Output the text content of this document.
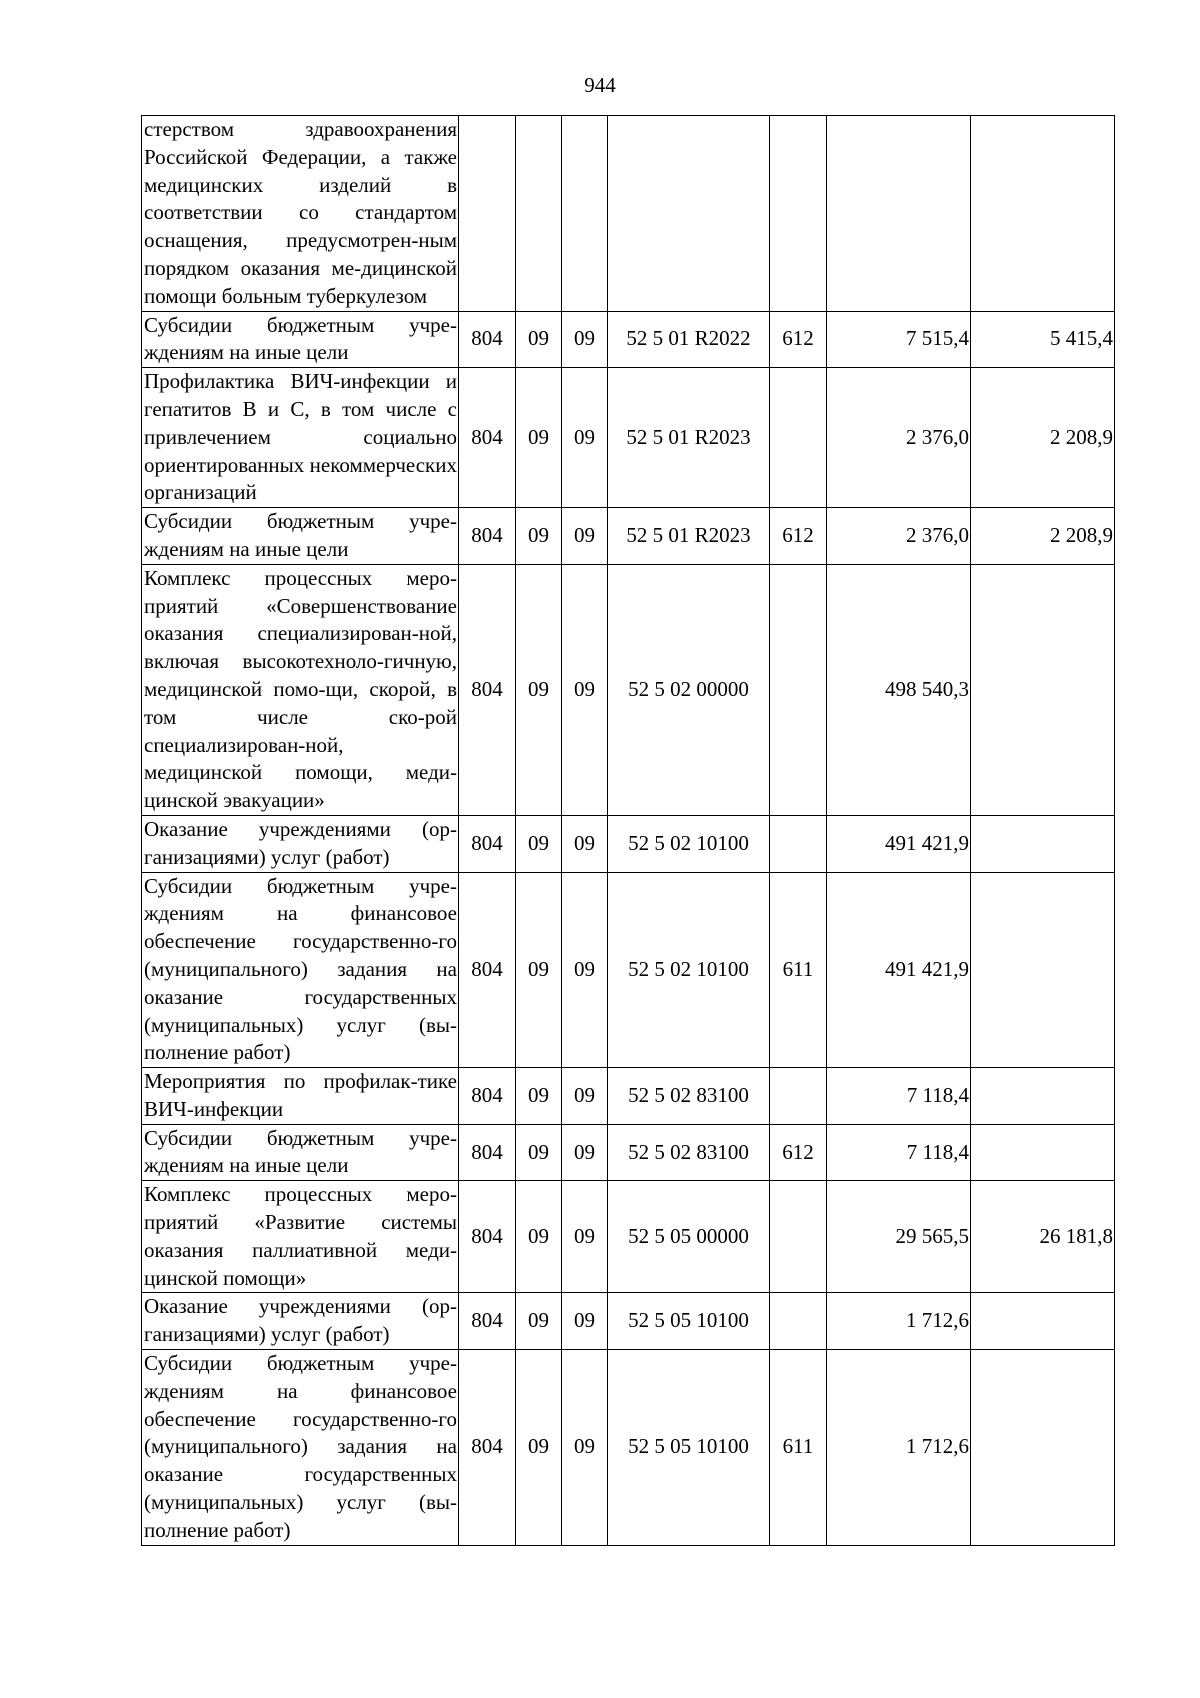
944
стерством здравоохранения Российской Федерации, а также медицинских изделий в соответствии со стандартом оснащения, предусмотрен-ным порядком оказания ме-дицинской помощи больным туберкулезом							
Субсидии бюджетным учре-ждениям на иные цели	804	09	09	52 5 01 R2022	612	7 515,4	5 415,4
Профилактика ВИЧ-инфекции и гепатитов B и C, в том числе с привлечением социально ориентированных некоммерческих организаций	804	09	09	52 5 01 R2023		2 376,0	2 208,9
Субсидии бюджетным учре-ждениям на иные цели	804	09	09	52 5 01 R2023	612	2 376,0	2 208,9
Комплекс процессных меро-приятий «Совершенствование оказания специализирован-ной, включая высокотехноло-гичную, медицинской помо-щи, скорой, в том числе ско-рой специализирован-ной, медицинской помощи, меди-цинской эвакуации»	804	09	09	52 5 02 00000		498 540,3	
Оказание учреждениями (ор-ганизациями) услуг (работ)	804	09	09	52 5 02 10100		491 421,9	
Субсидии бюджетным учре-ждениям на финансовое обеспечение государственно-го (муниципального) задания на оказание государственных (муниципальных) услуг (вы-полнение работ)	804	09	09	52 5 02 10100	611	491 421,9	
Мероприятия по профилак-тике ВИЧ-инфекции	804	09	09	52 5 02 83100		7 118,4	
Субсидии бюджетным учре-ждениям на иные цели	804	09	09	52 5 02 83100	612	7 118,4	
Комплекс процессных меро-приятий «Развитие системы оказания паллиативной меди-цинской помощи»	804	09	09	52 5 05 00000		29 565,5	26 181,8
Оказание учреждениями (ор-ганизациями) услуг (работ)	804	09	09	52 5 05 10100		1 712,6	
Субсидии бюджетным учре-ждениям на финансовое обеспечение государственно-го (муниципального) задания на оказание государственных (муниципальных) услуг (вы-полнение работ)	804	09	09	52 5 05 10100	611	1 712,6	
